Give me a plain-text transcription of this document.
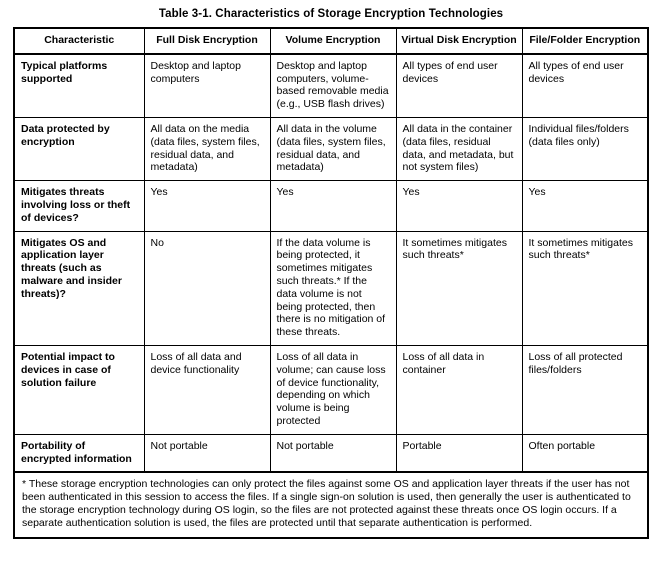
Table 3-1. Characteristics of Storage Encryption Technologies
Characteristic	Full Disk Encryption	Volume Encryption	Virtual Disk Encryption	File/Folder Encryption
Typical platforms supported	Desktop and laptop computers	Desktop and laptop computers, volume-based removable media (e.g., USB flash drives)	All types of end user devices	All types of end user devices
Data protected by encryption	All data on the media (data files, system files, residual data, and metadata)	All data in the volume (data files, system files, residual data, and metadata)	All data in the container (data files, residual data, and metadata, but not system files)	Individual files/folders (data files only)
Mitigates threats involving loss or theft of devices?	Yes	Yes	Yes	Yes
Mitigates OS and application layer threats (such as malware and insider threats)?	No	If the data volume is being protected, it sometimes mitigates such threats.* If the data volume is not being protected, then there is no mitigation of these threats.	It sometimes mitigates such threats*	It sometimes mitigates such threats*
Potential impact to devices in case of solution failure	Loss of all data and device functionality	Loss of all data in volume; can cause loss of device functionality, depending on which volume is being protected	Loss of all data in container	Loss of all protected files/folders
Portability of encrypted information	Not portable	Not portable	Portable	Often portable
* These storage encryption technologies can only protect the files against some OS and application layer threats if the user has not been authenticated in this session to access the files. If a single sign-on solution is used, then generally the user is authenticated to the storage encryption technology during OS login, so the files are not protected against these threats once OS login occurs. If a separate authentication solution is used, the files are protected until that separate authentication is performed.				
